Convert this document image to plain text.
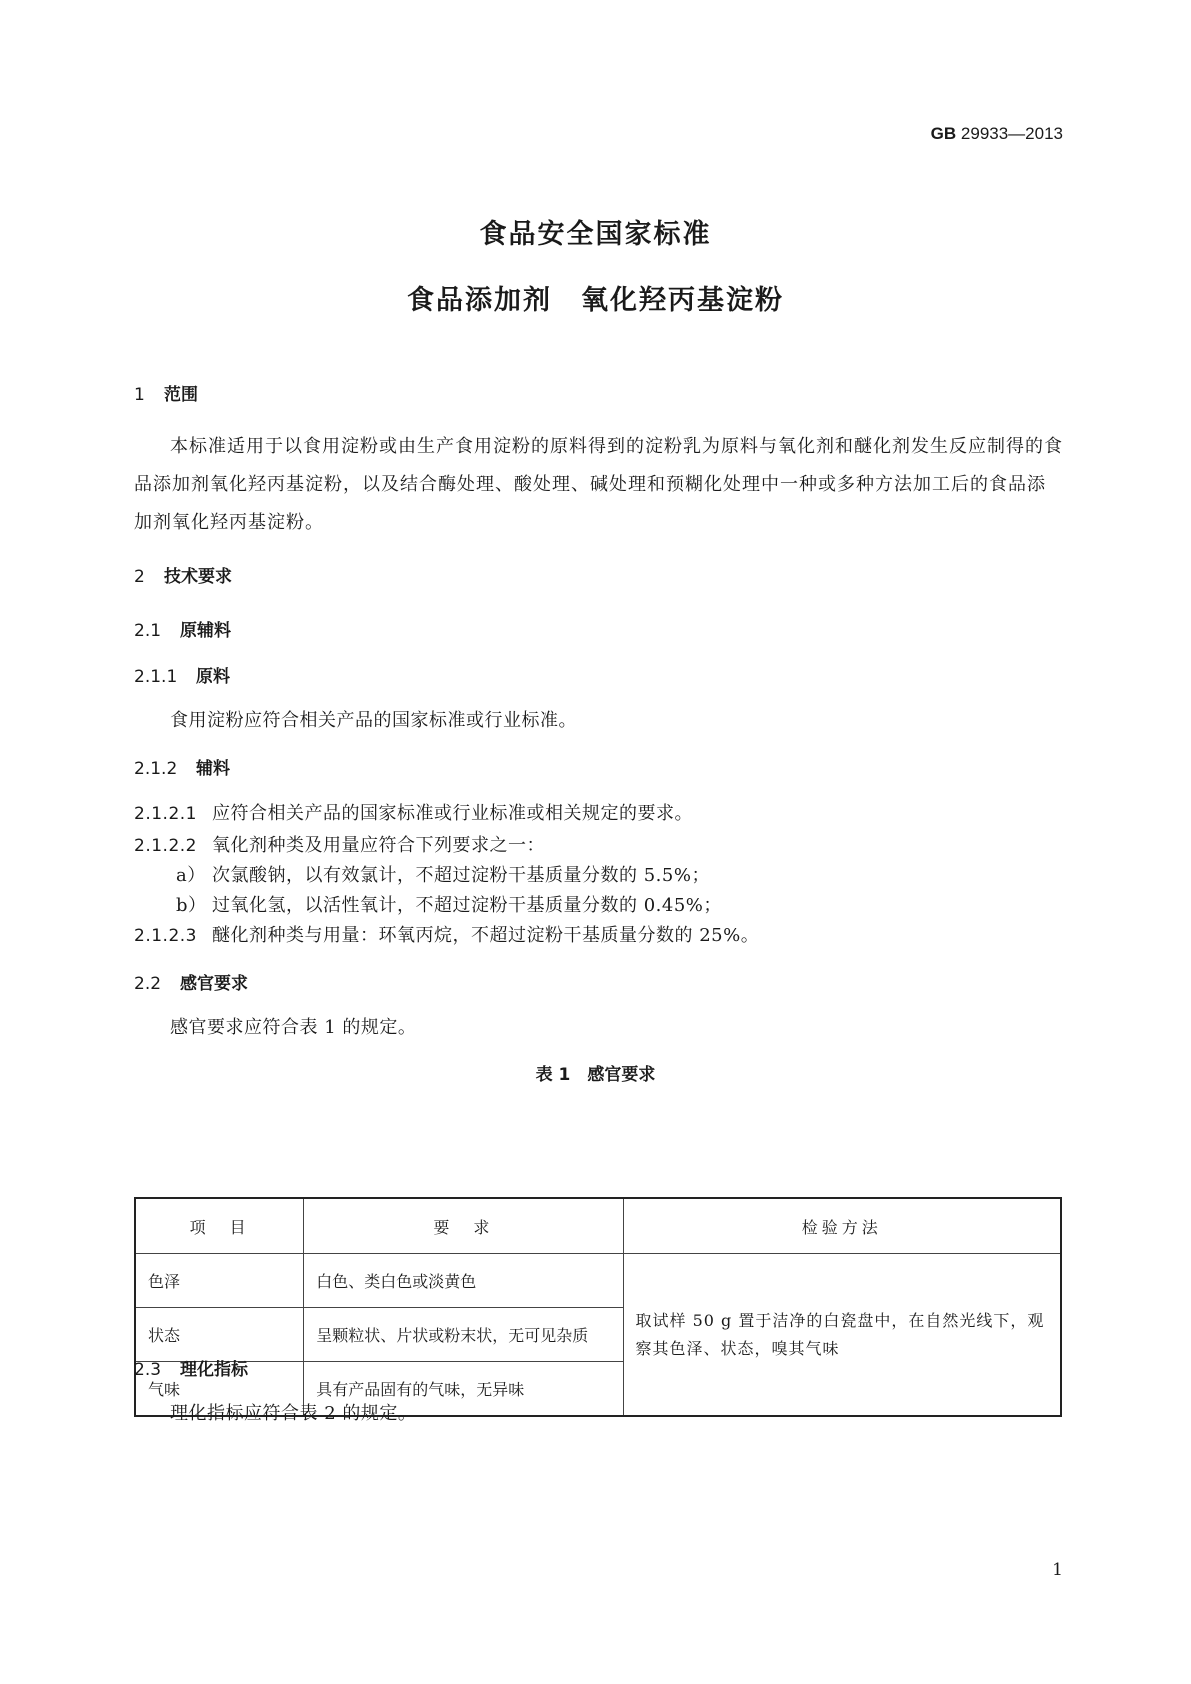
GB 29933—2013
食品安全国家标准
食品添加剂　氧化羟丙基淀粉
1 范围
本标准适用于以食用淀粉或由生产食用淀粉的原料得到的淀粉乳为原料与氧化剂和醚化剂发生反应制得的食品添加剂氧化羟丙基淀粉，以及结合酶处理、酸处理、碱处理和预糊化处理中一种或多种方法加工后的食品添加剂氧化羟丙基淀粉。
2 技术要求
2.1 原辅料
2.1.1 原料
食用淀粉应符合相关产品的国家标准或行业标准。
2.1.2 辅料
2.1.2.1 应符合相关产品的国家标准或行业标准或相关规定的要求。
2.1.2.2 氧化剂种类及用量应符合下列要求之一：
a） 次氯酸钠，以有效氯计，不超过淀粉干基质量分数的 5.5%；
b） 过氧化氢，以活性氧计，不超过淀粉干基质量分数的 0.45%；
2.1.2.3 醚化剂种类与用量：环氧丙烷，不超过淀粉干基质量分数的 25%。
2.2 感官要求
感官要求应符合表 1 的规定。
表 1　感官要求
项　目	要　求	检验方法
色泽	白色、类白色或淡黄色	取试样 50 g 置于洁净的白瓷盘中，在自然光线下，观察其色泽、状态，嗅其气味
状态	呈颗粒状、片状或粉末状，无可见杂质	
气味	具有产品固有的气味，无异味	
2.3 理化指标
理化指标应符合表 2 的规定。
1
